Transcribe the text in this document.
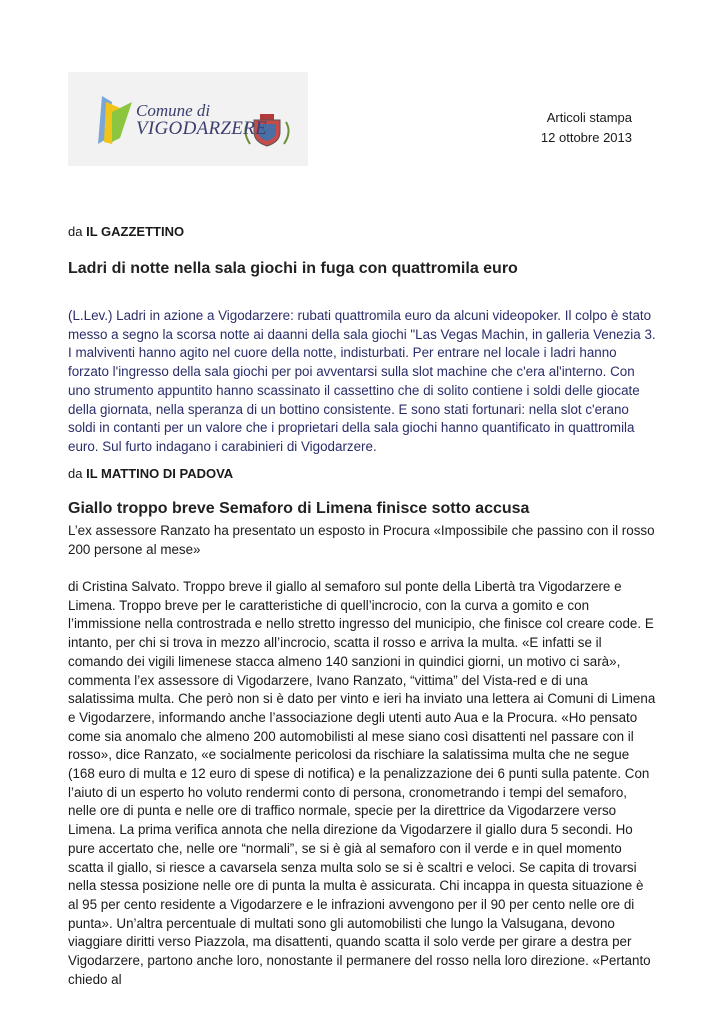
Comune di
VIGODARZERE
Articoli stampa
12 ottobre 2013
da IL GAZZETTINO
Ladri di notte nella sala giochi in fuga con quattromila euro
(L.Lev.) Ladri in azione a Vigodarzere: rubati quattromila euro da alcuni videopoker. Il colpo è stato messo a segno la scorsa notte ai daanni della sala giochi "Las Vegas Machin, in galleria Venezia 3. I malviventi hanno agito nel cuore della notte, indisturbati. Per entrare nel locale i ladri hanno forzato l'ingresso della sala giochi per poi avventarsi sulla slot machine che c'era al'interno. Con uno strumento appuntito hanno scassinato il cassettino che di solito contiene i soldi delle giocate della giornata, nella speranza di un bottino consistente. E sono stati fortunari: nella slot c'erano soldi in contanti per un valore che i proprietari della sala giochi hanno quantificato in quattromila euro. Sul furto indagano i carabinieri di Vigodarzere.
da IL MATTINO DI PADOVA
Giallo troppo breve Semaforo di Limena finisce sotto accusa
L’ex assessore Ranzato ha presentato un esposto in Procura «Impossibile che passino con il rosso 200 persone al mese»
di Cristina Salvato. Troppo breve il giallo al semaforo sul ponte della Libertà tra Vigodarzere e Limena. Troppo breve per le caratteristiche di quell’incrocio, con la curva a gomito e con l’immissione nella controstrada e nello stretto ingresso del municipio, che finisce col creare code. E intanto, per chi si trova in mezzo all’incrocio, scatta il rosso e arriva la multa. «E infatti se il comando dei vigili limenese stacca almeno 140 sanzioni in quindici giorni, un motivo ci sarà», commenta l’ex assessore di Vigodarzere, Ivano Ranzato, “vittima” del Vista-red e di una salatissima multa. Che però non si è dato per vinto e ieri ha inviato una lettera ai Comuni di Limena e Vigodarzere, informando anche l’associazione degli utenti auto Aua e la Procura. «Ho pensato come sia anomalo che almeno 200 automobilisti al mese siano così disattenti nel passare con il rosso», dice Ranzato, «e socialmente pericolosi da rischiare la salatissima multa che ne segue (168 euro di multa e 12 euro di spese di notifica) e la penalizzazione dei 6 punti sulla patente. Con l’aiuto di un esperto ho voluto rendermi conto di persona, cronometrando i tempi del semaforo, nelle ore di punta e nelle ore di traffico normale, specie per la direttrice da Vigodarzere verso Limena. La prima verifica annota che nella direzione da Vigodarzere il giallo dura 5 secondi. Ho pure accertato che, nelle ore “normali”, se si è già al semaforo con il verde e in quel momento scatta il giallo, si riesce a cavarsela senza multa solo se si è scaltri e veloci. Se capita di trovarsi nella stessa posizione nelle ore di punta la multa è assicurata. Chi incappa in questa situazione è al 95 per cento residente a Vigodarzere e le infrazioni avvengono per il 90 per cento nelle ore di punta». Un’altra percentuale di multati sono gli automobilisti che lungo la Valsugana, devono viaggiare diritti verso Piazzola, ma disattenti, quando scatta il solo verde per girare a destra per Vigodarzere, partono anche loro, nonostante il permanere del rosso nella loro direzione. «Pertanto chiedo al
